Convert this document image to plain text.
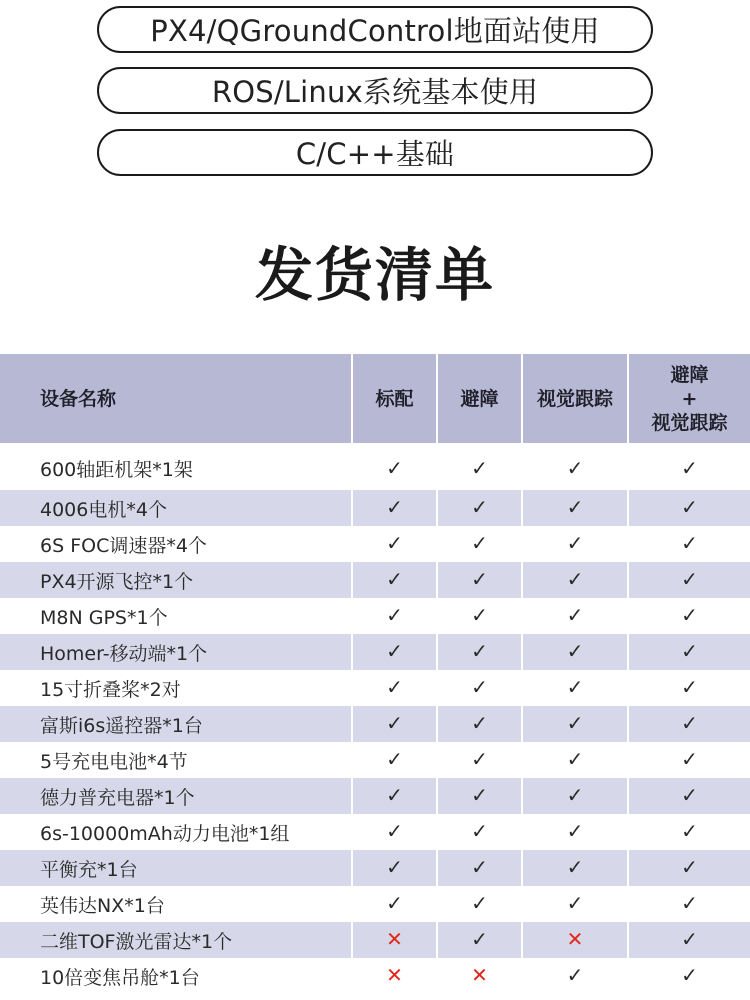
PX4/QGroundControl地面站使用
ROS/Linux系统基本使用
C/C++基础
发货清单
设备名称	标配	避障	视觉跟踪	避障
+
视觉跟踪
600轴距机架*1架	✓	✓	✓	✓
4006电机*4个	✓	✓	✓	✓
6S FOC调速器*4个	✓	✓	✓	✓
PX4开源飞控*1个	✓	✓	✓	✓
M8N GPS*1个	✓	✓	✓	✓
Homer-移动端*1个	✓	✓	✓	✓
15寸折叠桨*2对	✓	✓	✓	✓
富斯i6s遥控器*1台	✓	✓	✓	✓
5号充电电池*4节	✓	✓	✓	✓
德力普充电器*1个	✓	✓	✓	✓
6s-10000mAh动力电池*1组	✓	✓	✓	✓
平衡充*1台	✓	✓	✓	✓
英伟达NX*1台	✓	✓	✓	✓
二维TOF激光雷达*1个	✕	✓	✕	✓
10倍变焦吊舱*1台	✕	✕	✓	✓
